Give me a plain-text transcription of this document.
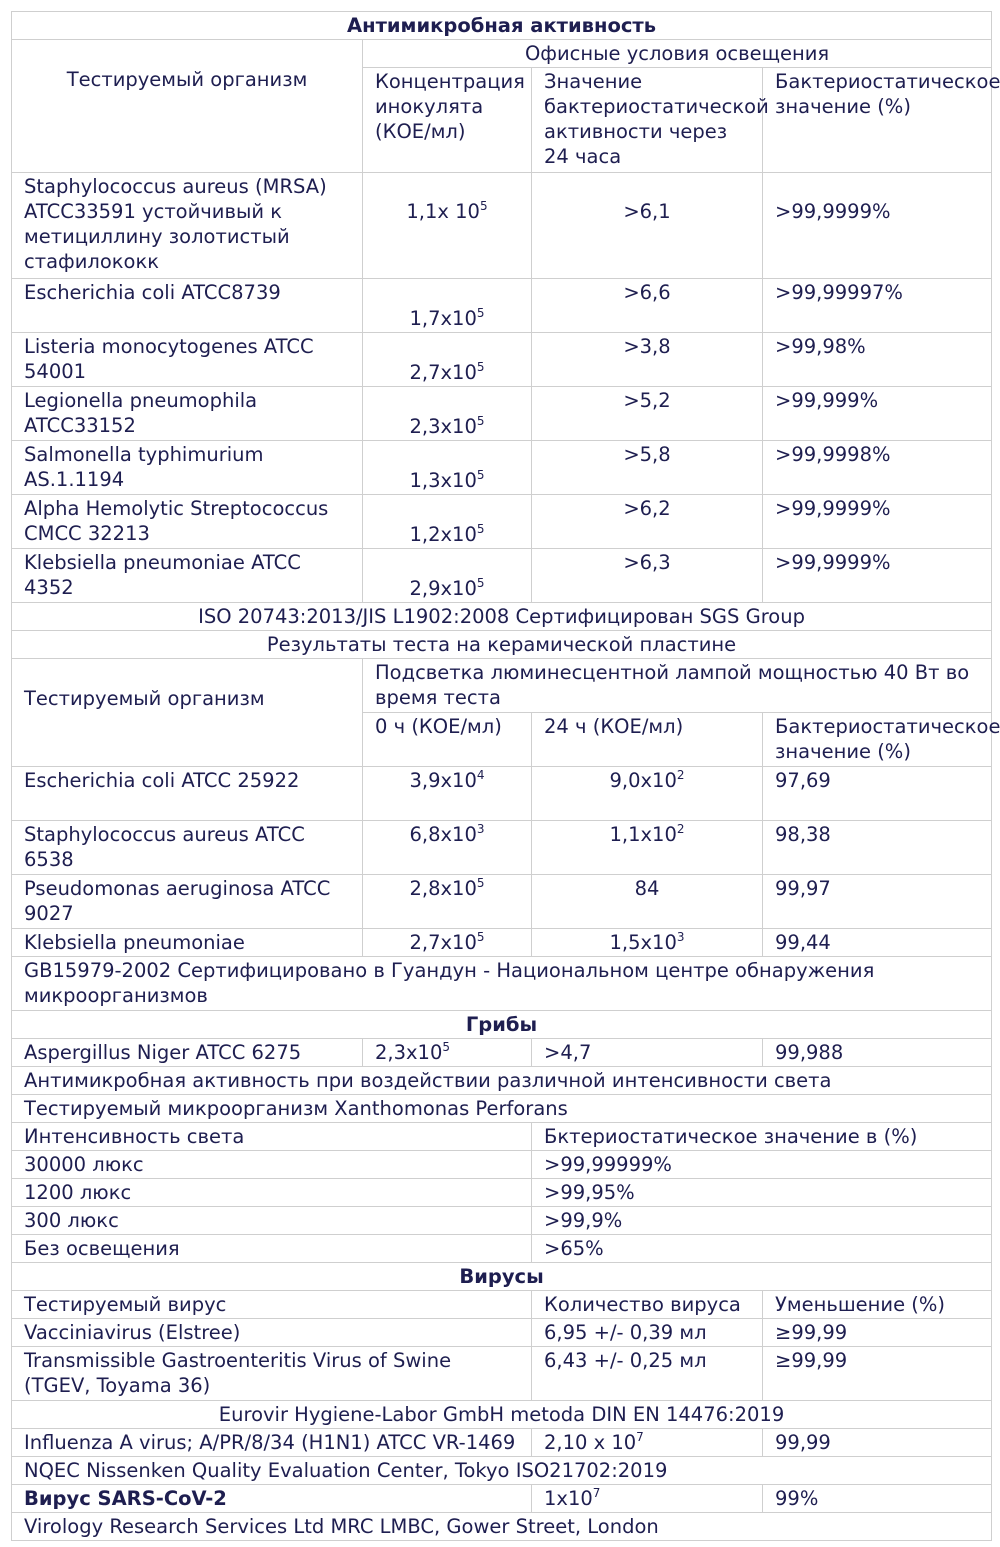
Антимикробная активность			
Тестируемый организм	Офисные условия освещения		
	Концентрация инокулята (КОЕ/мл)	Значение бактериостатической активности через 24 часа	Бактериостатическое значение (%)
Staphylococcus aureus (MRSA) ATCC33591 устойчивый к метициллину золотистый стафилококк	1,1x $10^5$	>6,1	>99,9999%
Escherichia coli ATCC8739	$1,7x10^5$	>6,6	>99,99997%
Listeria monocytogenes ATCC 54001	$2,7x10^5$	>3,8	>99,98%
Legionella pneumophila ATCC33152	$2,3x10^5$	>5,2	>99,999%
Salmonella typhimurium AS.1.1194	$1,3x10^5$	>5,8	>99,9998%
Alpha Hemolytic Streptococcus CMCC 32213	$1,2x10^5$	>6,2	>99,9999%
Klebsiella pneumoniae ATCC 4352	$2,9x10^5$	>6,3	>99,9999%
ISO 20743:2013/JIS L1902:2008 Сертифицирован SGS Group			
Результаты теста на керамической пластине			
Тестируемый организм	Подсветка люминесцентной лампой мощностью 40 Вт во время теста		
	0 ч (КОЕ/мл)	24 ч (КОЕ/мл)	Бактериостатическое значение (%)
Escherichia coli ATCC 25922	$3,9x10^4$	$9,0x10^2$	97,69
Staphylococcus aureus ATCC 6538	$6,8x10^3$	$1,1x10^2$	98,38
Pseudomonas aeruginosa ATCC 9027	$2,8x10^5$	84	99,97
Klebsiella pneumoniae	$2,7x10^5$	$1,5x10^3$	99,44
GB15979-2002 Сертифицировано в Гуандун - Национальном центре обнаружения микроорганизмов			
Грибы			
Aspergillus Niger ATCC 6275	$2,3x10^5$	>4,7	99,988
Антимикробная активность при воздействии различной интенсивности света			
Тестируемый микроорганизм Xanthomonas Perforans			
Интенсивность света		Бктериостатическое значение в (%)	
30000 люкс		>99,99999%	
1200 люкс		>99,95%	
300 люкс		>99,9%	
Без освещения		>65%	
Вирусы			
Тестируемый вирус		Количество вируса	Уменьшение (%)
Vacciniavirus (Elstree)		6,95 +/- 0,39 мл	≥99,99
Transmissible Gastroenteritis Virus of Swine (TGEV, Toyama 36)		6,43 +/- 0,25 мл	≥99,99
Eurovir Hygiene-Labor GmbH metoda DIN EN 14476:2019			
Influenza A virus; A/PR/8/34 (H1N1) ATCC VR-1469		2,10 x $10^7$	99,99
NQEC Nissenken Quality Evaluation Center, Tokyo ISO21702:2019			
Вирус SARS-CoV-2		$1x10^7$	99%
Virology Research Services Ltd MRC LMBC, Gower Street, London			
